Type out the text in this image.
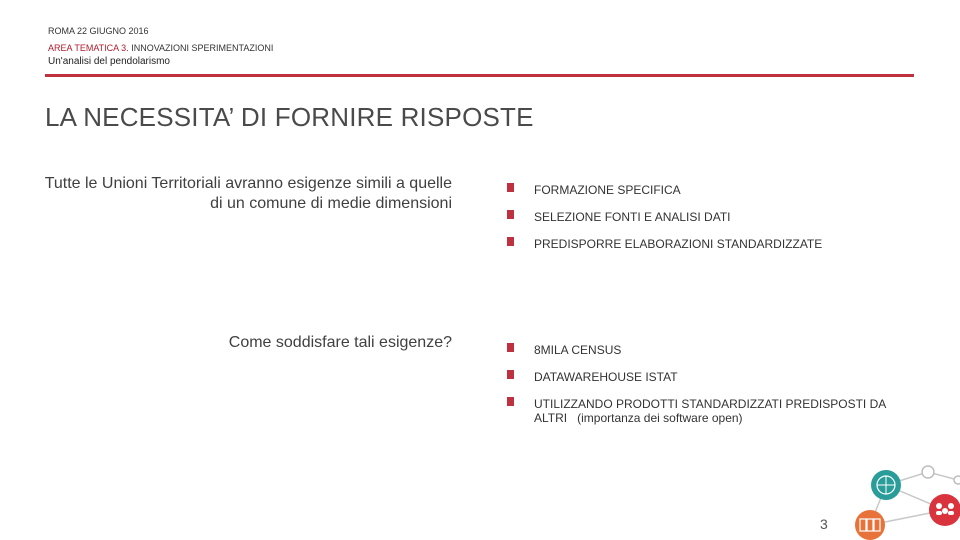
ROMA 22 GIUGNO 2016
AREA TEMATICA 3. INNOVAZIONI SPERIMENTAZIONI
Un'analisi del pendolarismo
LA NECESSITA’ DI FORNIRE RISPOSTE
Tutte le Unioni Territoriali avranno esigenze simili a quelle di un comune di medie dimensioni
Come soddisfare tali esigenze?
FORMAZIONE SPECIFICA
SELEZIONE FONTI E ANALISI DATI
PREDISPORRE ELABORAZIONI STANDARDIZZATE
8MILA CENSUS
DATAWAREHOUSE ISTAT
UTILIZZANDO PRODOTTI STANDARDIZZATI PREDISPOSTI DA ALTRI   (importanza dei software open)
3
